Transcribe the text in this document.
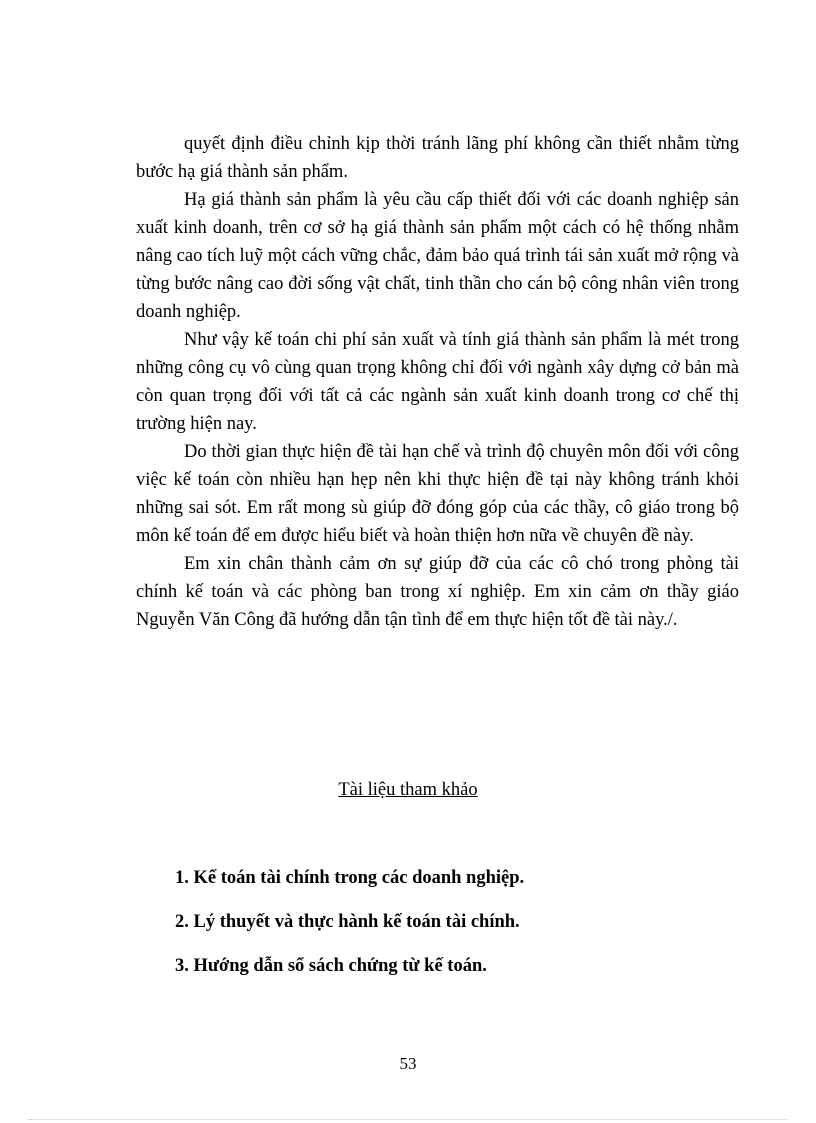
quyết định điều chỉnh kịp thời tránh lãng phí không cần thiết nhằm từng bước hạ giá thành sản phẩm.

Hạ giá thành sản phẩm là yêu cầu cấp thiết đối với các doanh nghiệp sản xuất kinh doanh, trên cơ sở hạ giá thành sản phẩm một cách có hệ thống nhằm nâng cao tích luỹ một cách vững chắc, đảm bảo quá trình tái sản xuất mở rộng và từng bước nâng cao đời sống vật chất, tinh thần cho cán bộ công nhân viên trong doanh nghiệp.

Như vậy kế toán chi phí sản xuất và tính giá thành sản phẩm là mét trong những công cụ vô cùng quan trọng không chỉ đối với ngành xây dựng cở bản mà còn quan trọng đối với tất cả các ngành sản xuất kinh doanh trong cơ chế thị trường hiện nay.

Do thời gian thực hiện đề tài hạn chế và trình độ chuyên môn đối với công việc kế toán còn nhiều hạn hẹp nên khi thực hiện đề tại này không tránh khỏi những sai sót. Em rất mong sù giúp đỡ đóng góp của các thầy, cô giáo trong bộ môn kế toán để em được hiểu biết và hoàn thiện hơn nữa về chuyên đề này.

Em xin chân thành cảm ơn sự giúp đỡ của các cô chó trong phòng tài chính kế toán và các phòng ban trong xí nghiệp. Em xin cảm ơn thầy giáo Nguyễn Văn Công đã hướng dẫn tận tình để em thực hiện tốt đề tài này./.

Tài liệu tham khảo
1. Kế toán tài chính trong các doanh nghiệp.
2. Lý thuyết và thực hành kế toán tài chính.
3. Hướng dẫn sổ sách chứng từ kế toán.
53
